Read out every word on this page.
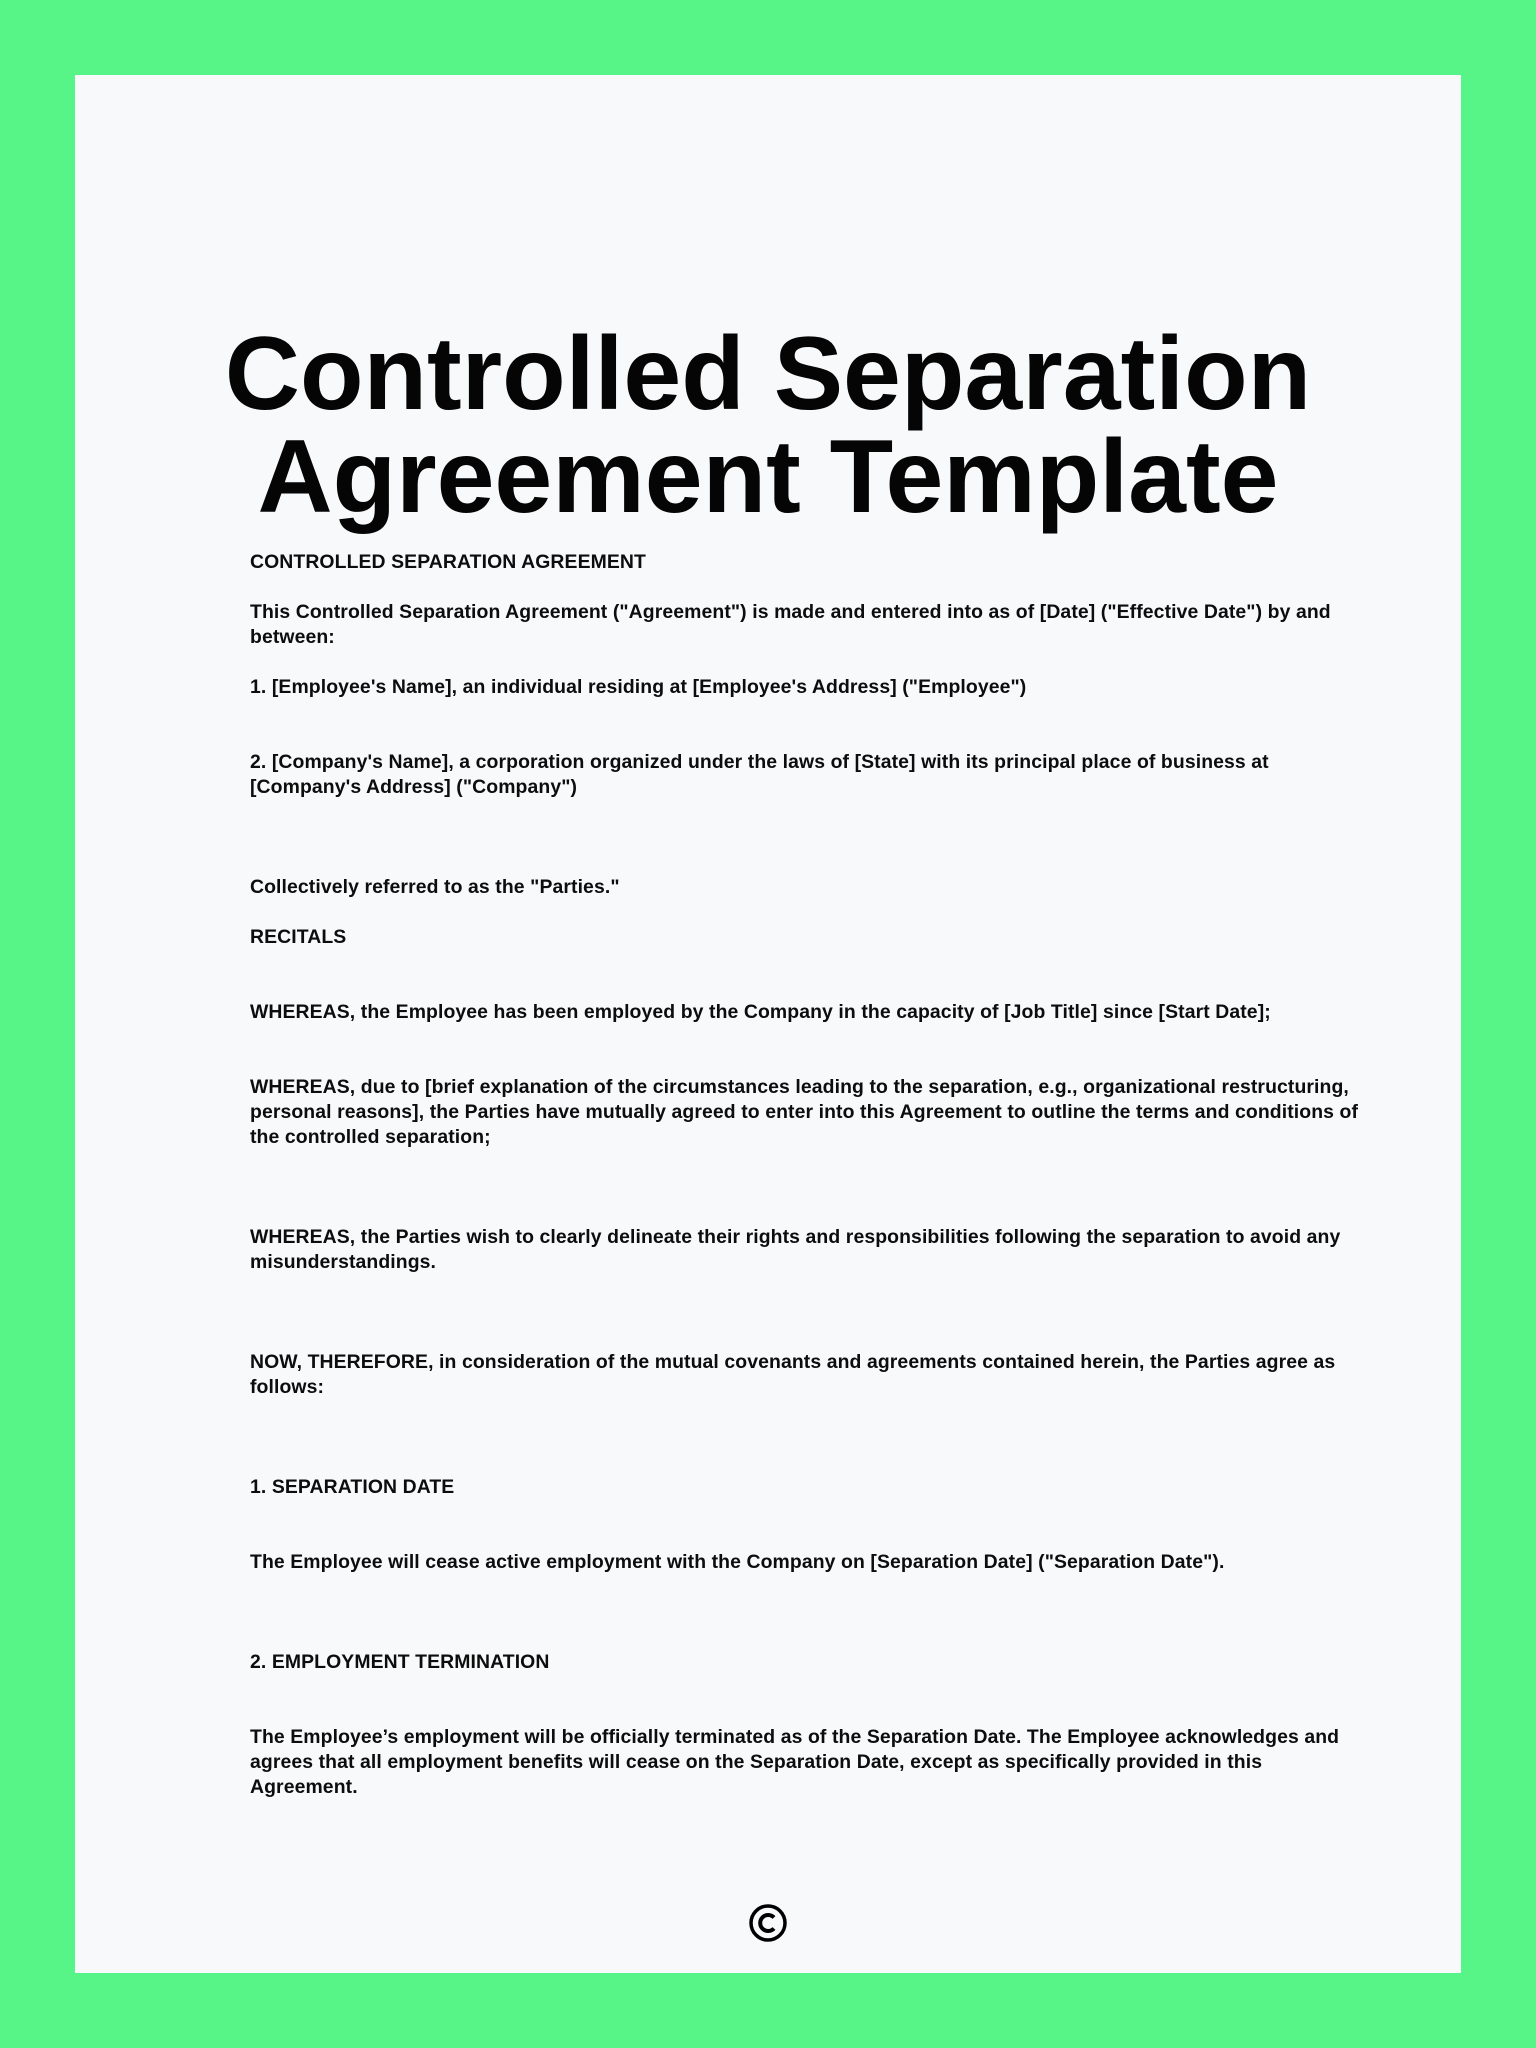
Controlled Separation
Agreement Template

CONTROLLED SEPARATION AGREEMENT

This Controlled Separation Agreement ("Agreement") is made and entered into as of [Date] ("Effective Date") by and between:

1. [Employee's Name], an individual residing at [Employee's Address] ("Employee")

2. [Company's Name], a corporation organized under the laws of [State] with its principal place of business at [Company's Address] ("Company")

Collectively referred to as the "Parties."

RECITALS

WHEREAS, the Employee has been employed by the Company in the capacity of [Job Title] since [Start Date];

WHEREAS, due to [brief explanation of the circumstances leading to the separation, e.g., organizational restructuring, personal reasons], the Parties have mutually agreed to enter into this Agreement to outline the terms and conditions of the controlled separation;

WHEREAS, the Parties wish to clearly delineate their rights and responsibilities following the separation to avoid any misunderstandings.

NOW, THEREFORE, in consideration of the mutual covenants and agreements contained herein, the Parties agree as follows:

1. SEPARATION DATE

The Employee will cease active employment with the Company on [Separation Date] ("Separation Date").

2. EMPLOYMENT TERMINATION

The Employee’s employment will be officially terminated as of the Separation Date. The Employee acknowledges and agrees that all employment benefits will cease on the Separation Date, except as specifically provided in this Agreement.
